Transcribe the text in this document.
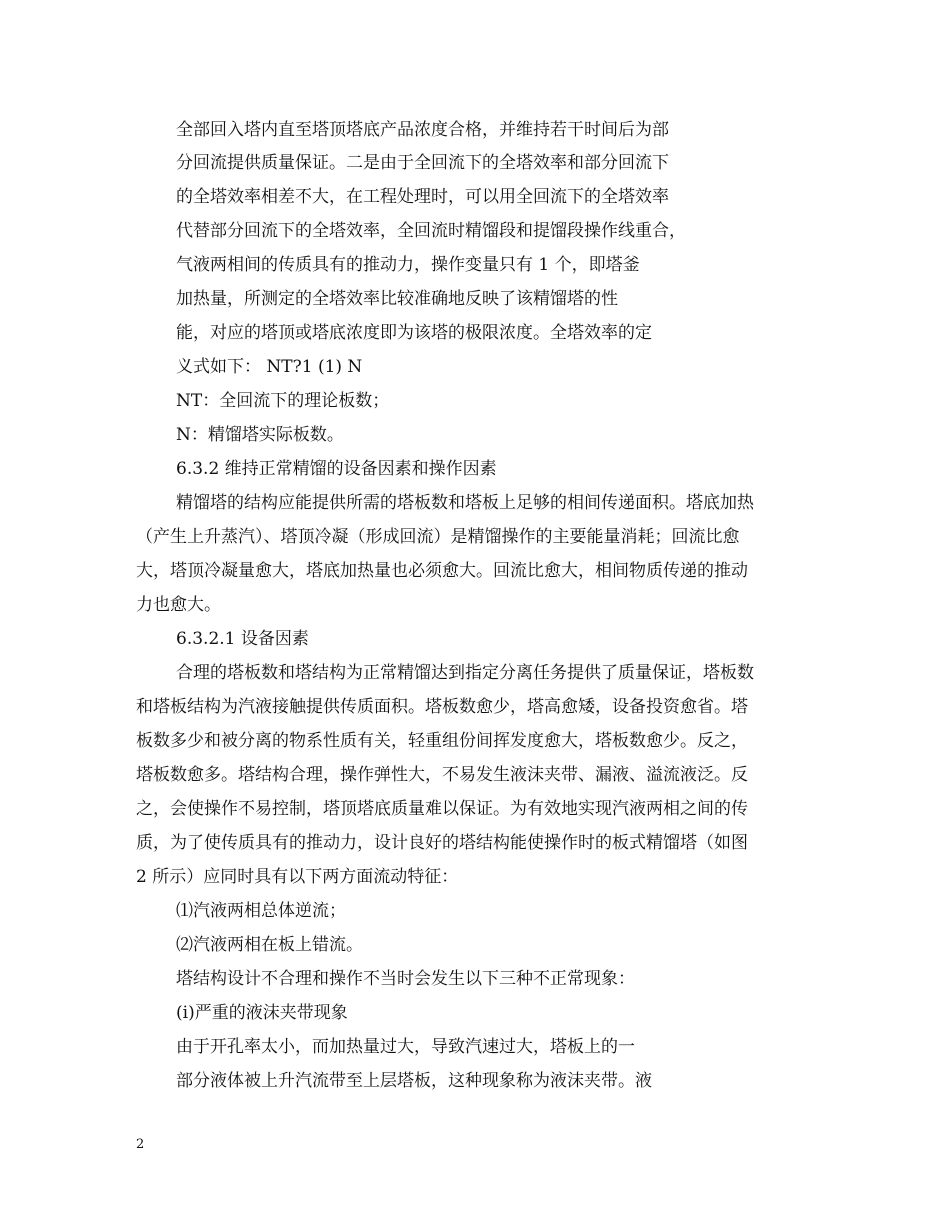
全部回入塔内直至塔顶塔底产品浓度合格，并维持若干时间后为部
分回流提供质量保证。二是由于全回流下的全塔效率和部分回流下
的全塔效率相差不大，在工程处理时，可以用全回流下的全塔效率
代替部分回流下的全塔效率，全回流时精馏段和提馏段操作线重合，
气液两相间的传质具有的推动力，操作变量只有 1 个，即塔釜
加热量，所测定的全塔效率比较准确地反映了该精馏塔的性
能，对应的塔顶或塔底浓度即为该塔的极限浓度。全塔效率的定
义式如下： NT?1 (1) N
NT：全回流下的理论板数；
N：精馏塔实际板数。
6.3.2 维持正常精馏的设备因素和操作因素
精馏塔的结构应能提供所需的塔板数和塔板上足够的相间传递面积。塔底加热
（产生上升蒸汽）、塔顶冷凝（形成回流）是精馏操作的主要能量消耗；回流比愈
大，塔顶冷凝量愈大，塔底加热量也必须愈大。回流比愈大，相间物质传递的推动
力也愈大。
6.3.2.1 设备因素
合理的塔板数和塔结构为正常精馏达到指定分离任务提供了质量保证，塔板数
和塔板结构为汽液接触提供传质面积。塔板数愈少，塔高愈矮，设备投资愈省。塔
板数多少和被分离的物系性质有关，轻重组份间挥发度愈大，塔板数愈少。反之，
塔板数愈多。塔结构合理，操作弹性大，不易发生液沫夹带、漏液、溢流液泛。反
之，会使操作不易控制，塔顶塔底质量难以保证。为有效地实现汽液两相之间的传
质，为了使传质具有的推动力，设计良好的塔结构能使操作时的板式精馏塔（如图
2 所示）应同时具有以下两方面流动特征：
⑴汽液两相总体逆流；
⑵汽液两相在板上错流。
塔结构设计不合理和操作不当时会发生以下三种不正常现象：
(i)严重的液沫夹带现象
由于开孔率太小，而加热量过大，导致汽速过大，塔板上的一
部分液体被上升汽流带至上层塔板，这种现象称为液沫夹带。液
2
